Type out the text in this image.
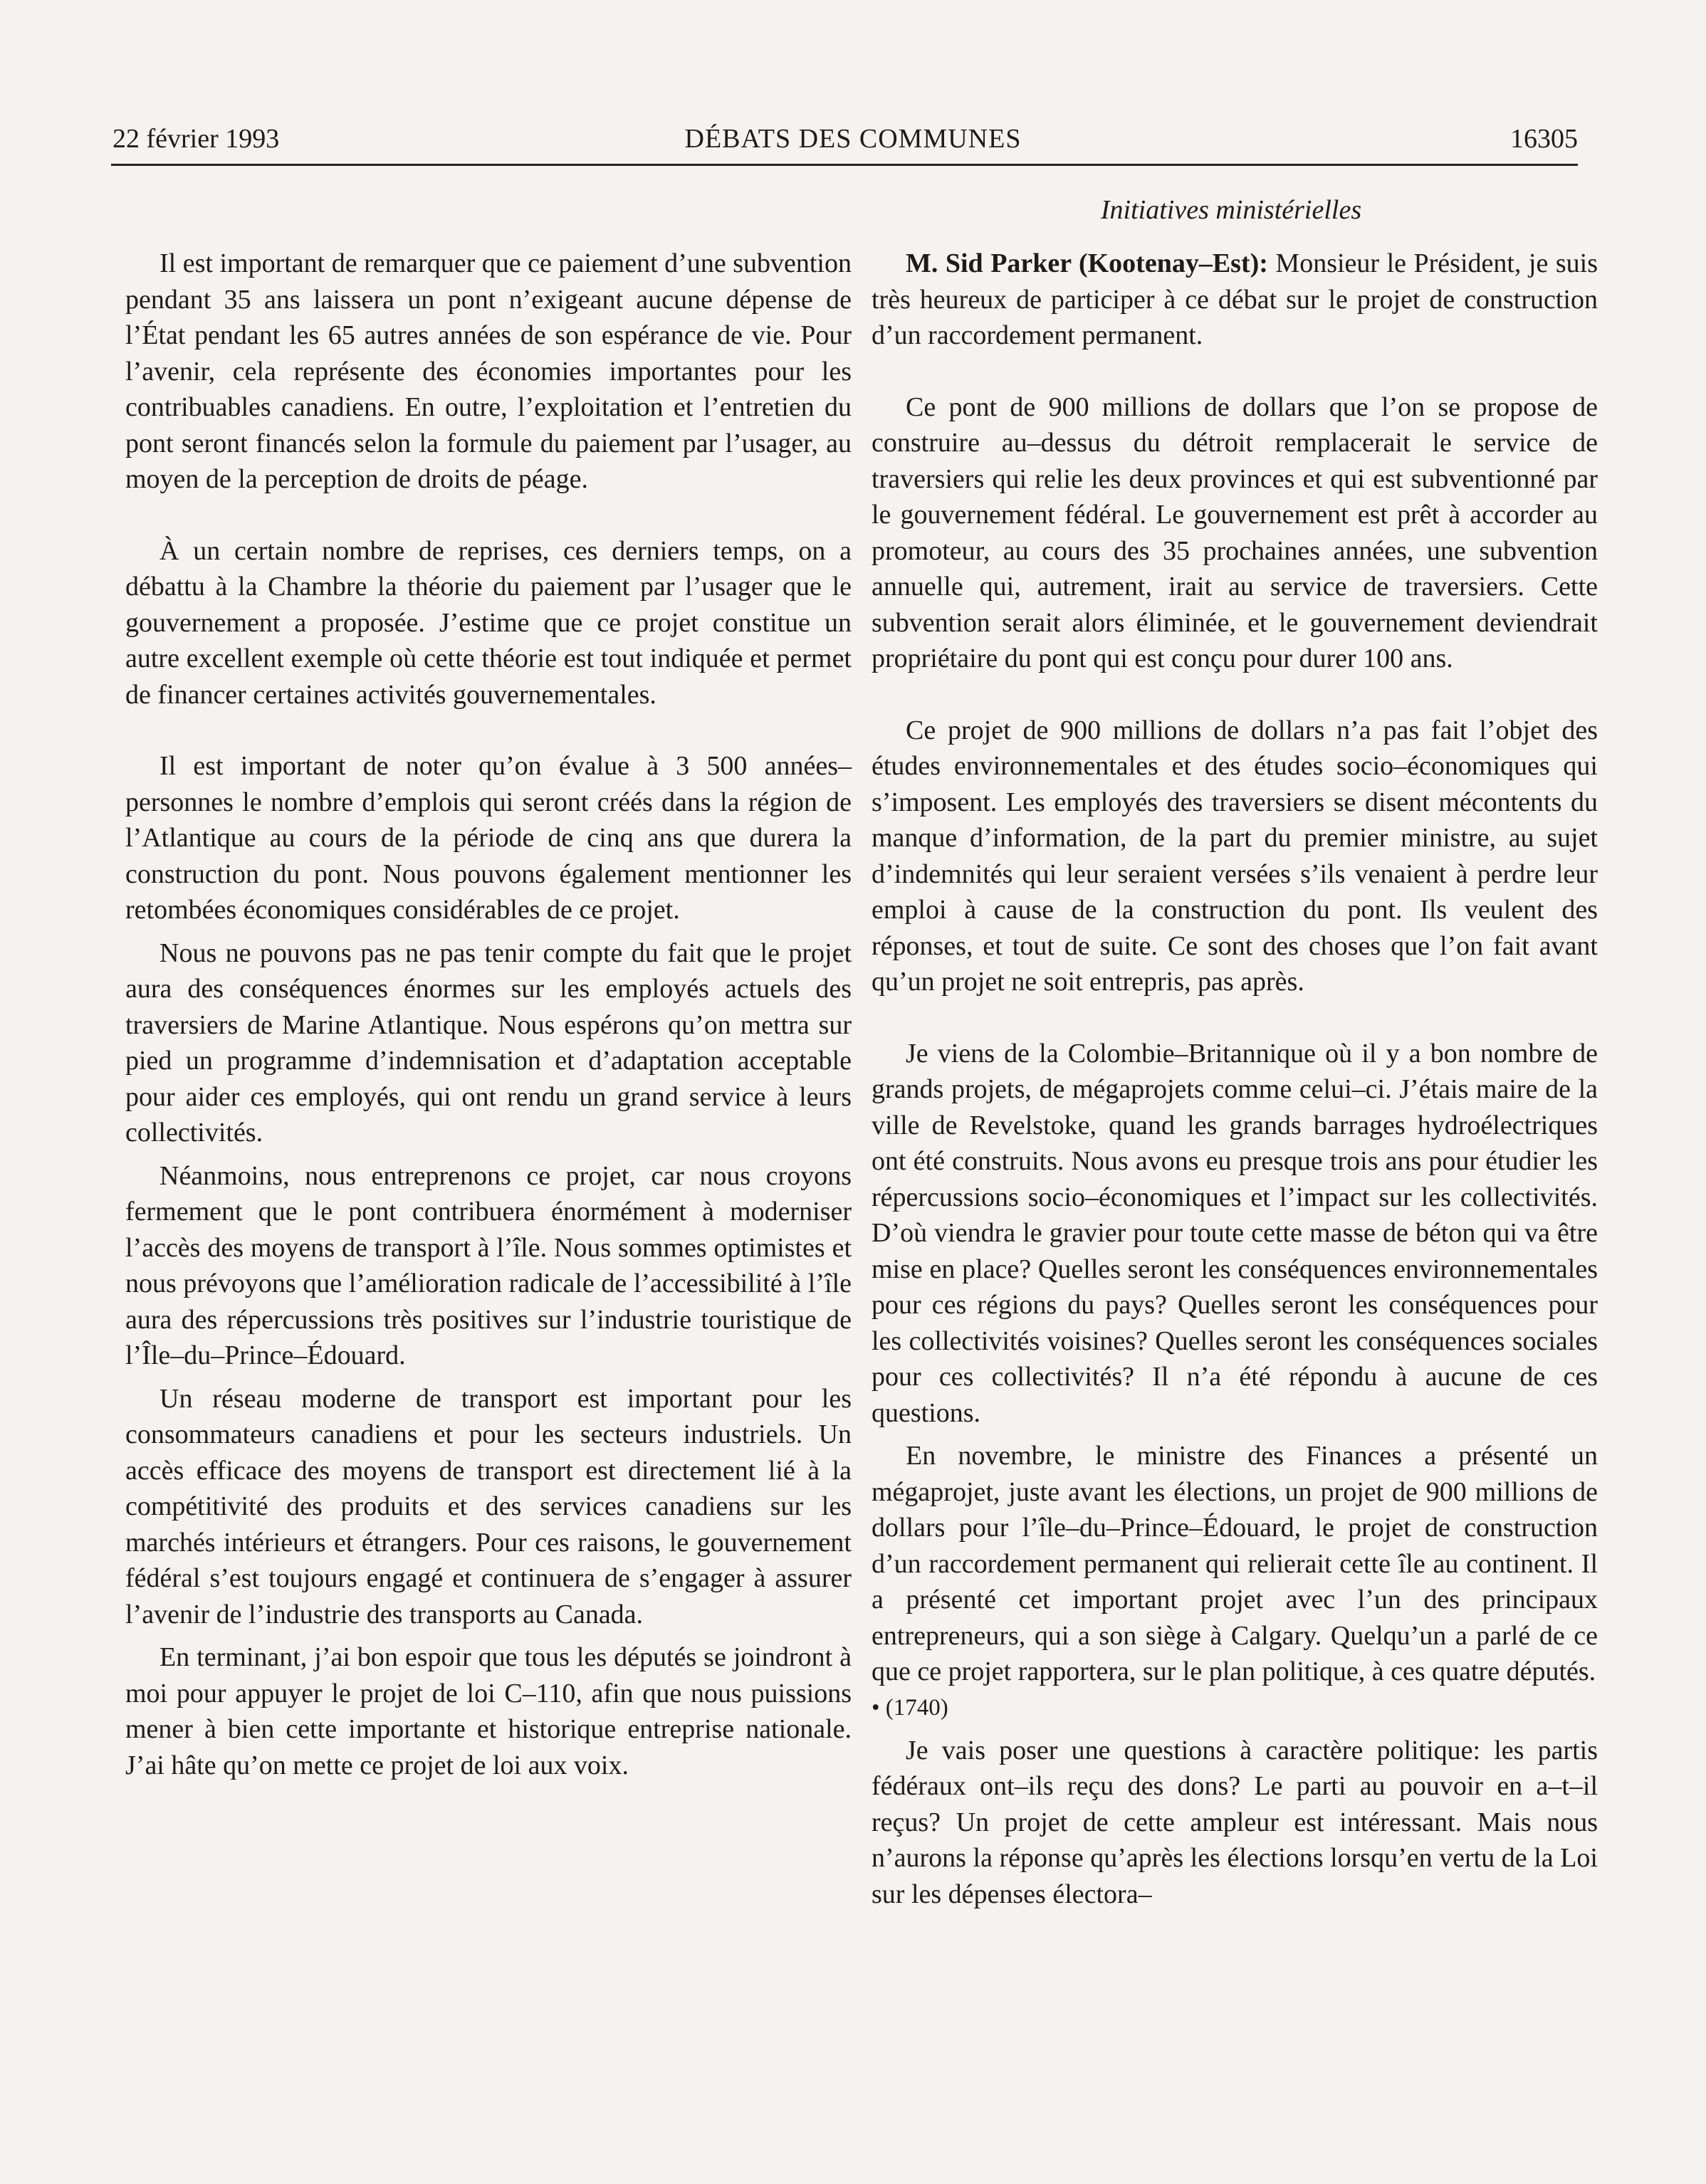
DÉBATS DES COMMUNES
22 février 1993	16305
Initiatives ministérielles

Il est important de remarquer que ce paiement d’une subvention pendant 35 ans laissera un pont n’exigeant aucune dépense de l’État pendant les 65 autres années de son espérance de vie. Pour l’avenir, cela représente des économies importantes pour les contribuables canadiens. En outre, l’exploitation et l’entretien du pont seront financés selon la formule du paiement par l’usager, au moyen de la perception de droits de péage.

À un certain nombre de reprises, ces derniers temps, on a débattu à la Chambre la théorie du paiement par l’usager que le gouvernement a proposée. J’estime que ce projet constitue un autre excellent exemple où cette théorie est tout indiquée et permet de financer certaines activités gouvernementales.

Il est important de noter qu’on évalue à 3 500 années–personnes le nombre d’emplois qui seront créés dans la région de l’Atlantique au cours de la période de cinq ans que durera la construction du pont. Nous pouvons également mentionner les retombées économiques considérables de ce projet.

Nous ne pouvons pas ne pas tenir compte du fait que le projet aura des conséquences énormes sur les employés actuels des traversiers de Marine Atlantique. Nous espérons qu’on mettra sur pied un programme d’indemnisation et d’adaptation acceptable pour aider ces employés, qui ont rendu un grand service à leurs collectivités.

Néanmoins, nous entreprenons ce projet, car nous croyons fermement que le pont contribuera énormément à moderniser l’accès des moyens de transport à l’île. Nous sommes optimistes et nous prévoyons que l’amélioration radicale de l’accessibilité à l’île aura des répercussions très positives sur l’industrie touristique de l’Île–du–Prince–Édouard.

Un réseau moderne de transport est important pour les consommateurs canadiens et pour les secteurs industriels. Un accès efficace des moyens de transport est directement lié à la compétitivité des produits et des services canadiens sur les marchés intérieurs et étrangers. Pour ces raisons, le gouvernement fédéral s’est toujours engagé et continuera de s’engager à assurer l’avenir de l’industrie des transports au Canada.

En terminant, j’ai bon espoir que tous les députés se joindront à moi pour appuyer le projet de loi C–110, afin que nous puissions mener à bien cette importante et historique entreprise nationale. J’ai hâte qu’on mette ce projet de loi aux voix.

M. Sid Parker (Kootenay–Est): Monsieur le Président, je suis très heureux de participer à ce débat sur le projet de construction d’un raccordement permanent.

Ce pont de 900 millions de dollars que l’on se propose de construire au–dessus du détroit remplacerait le service de traversiers qui relie les deux provinces et qui est subventionné par le gouvernement fédéral. Le gouvernement est prêt à accorder au promoteur, au cours des 35 prochaines années, une subvention annuelle qui, autrement, irait au service de traversiers. Cette subvention serait alors éliminée, et le gouvernement deviendrait propriétaire du pont qui est conçu pour durer 100 ans.

Ce projet de 900 millions de dollars n’a pas fait l’objet des études environnementales et des études socio–économiques qui s’imposent. Les employés des traversiers se disent mécontents du manque d’information, de la part du premier ministre, au sujet d’indemnités qui leur seraient versées s’ils venaient à perdre leur emploi à cause de la construction du pont. Ils veulent des réponses, et tout de suite. Ce sont des choses que l’on fait avant qu’un projet ne soit entrepris, pas après.

Je viens de la Colombie–Britannique où il y a bon nombre de grands projets, de mégaprojets comme celui–ci. J’étais maire de la ville de Revelstoke, quand les grands barrages hydroélectriques ont été construits. Nous avons eu presque trois ans pour étudier les répercussions socio–économiques et l’impact sur les collectivités. D’où viendra le gravier pour toute cette masse de béton qui va être mise en place? Quelles seront les conséquences environnementales pour ces régions du pays? Quelles seront les conséquences pour les collectivités voisines? Quelles seront les conséquences sociales pour ces collectivités? Il n’a été répondu à aucune de ces questions.

En novembre, le ministre des Finances a présenté un mégaprojet, juste avant les élections, un projet de 900 millions de dollars pour l’île–du–Prince–Édouard, le projet de construction d’un raccordement permanent qui relierait cette île au continent. Il a présenté cet important projet avec l’un des principaux entrepreneurs, qui a son siège à Calgary. Quelqu’un a parlé de ce que ce projet rapportera, sur le plan politique, à ces quatre députés.

• (1740)

Je vais poser une questions à caractère politique: les partis fédéraux ont–ils reçu des dons? Le parti au pouvoir en a–t–il reçus? Un projet de cette ampleur est intéressant. Mais nous n’aurons la réponse qu’après les élections lorsqu’en vertu de la Loi sur les dépenses électora–
